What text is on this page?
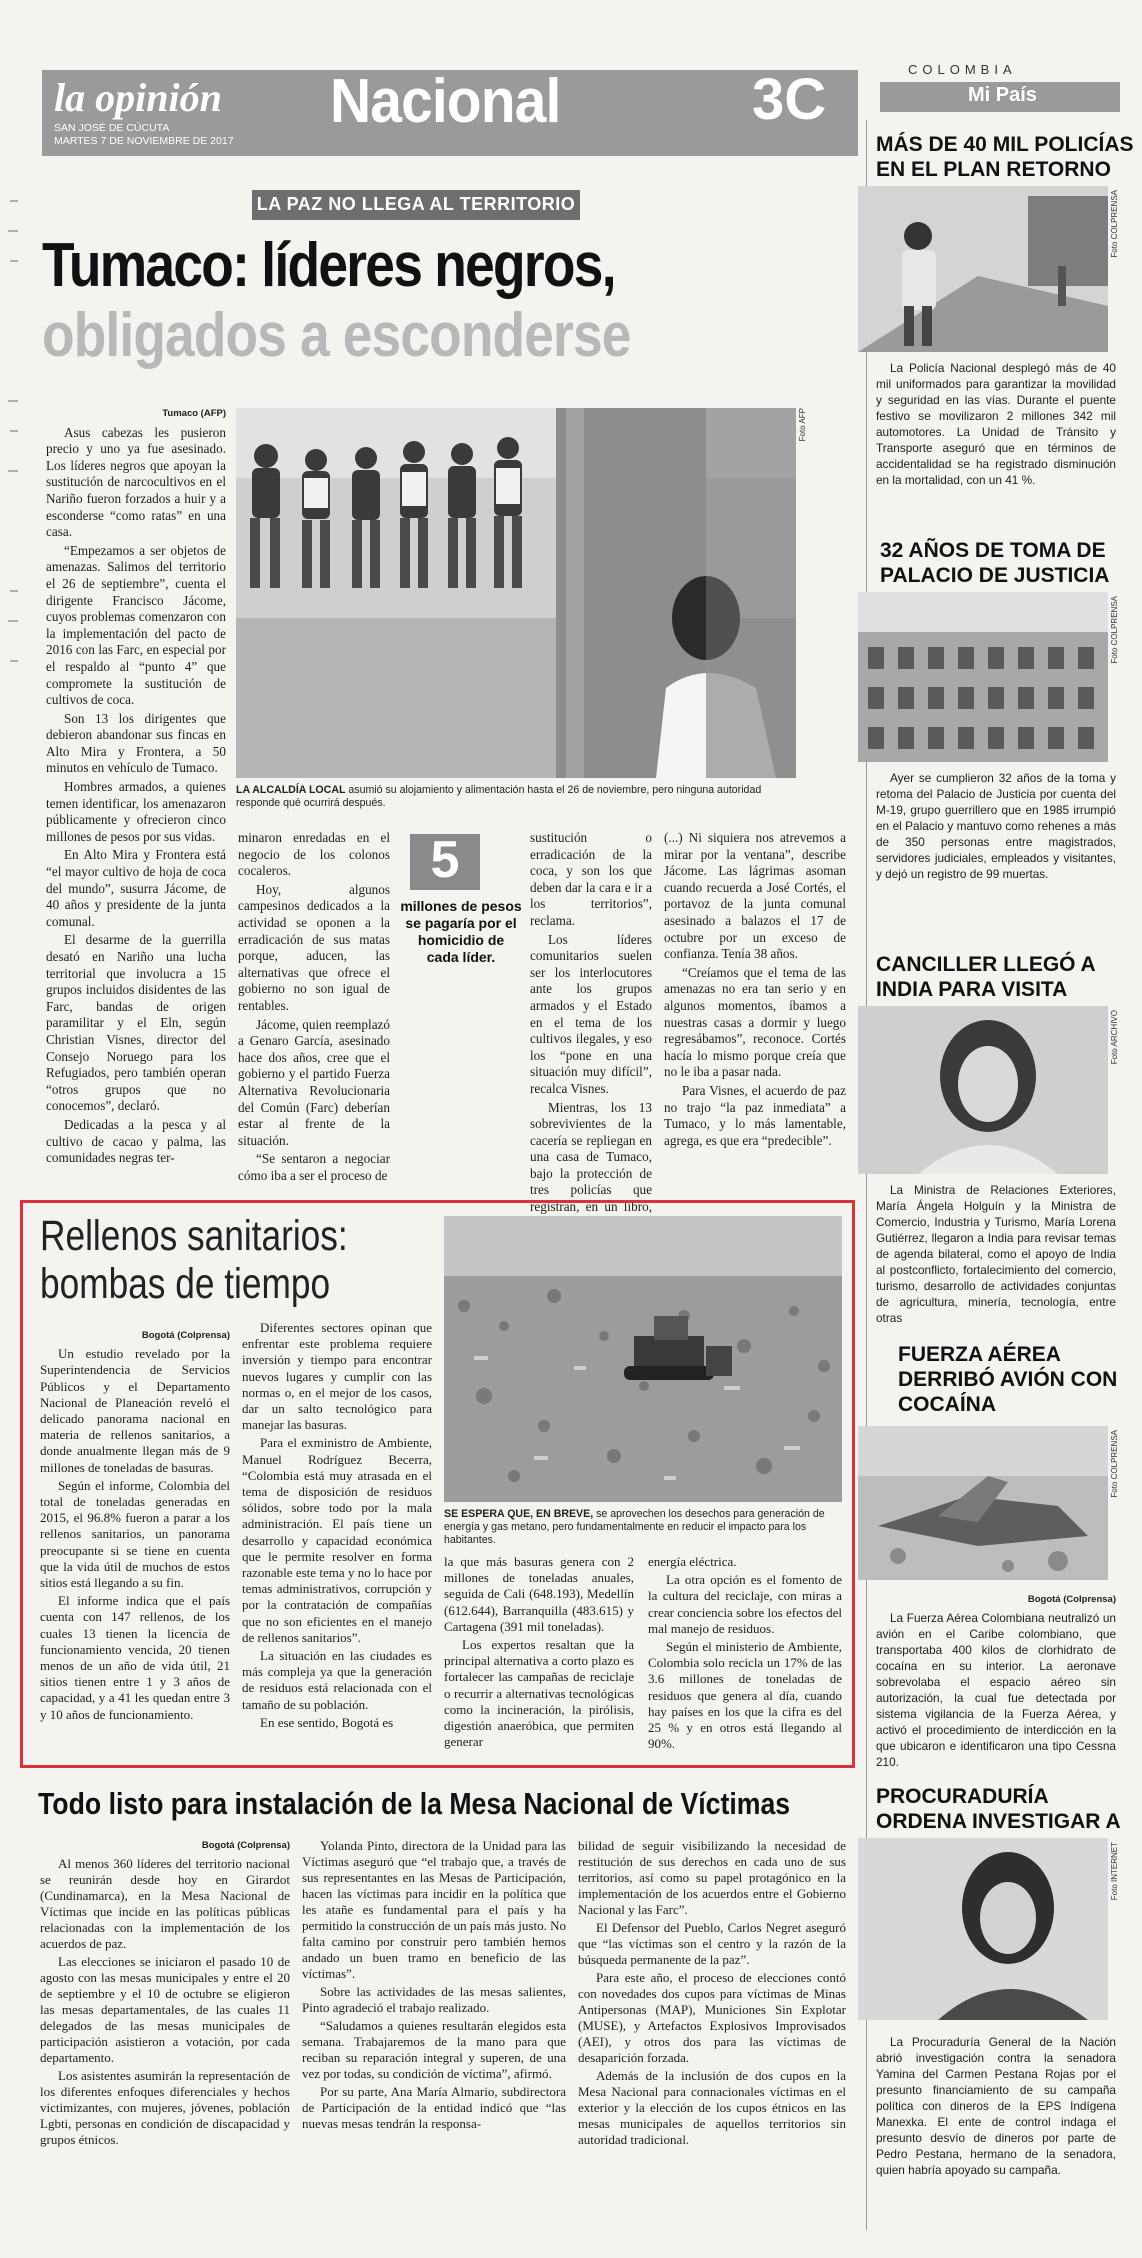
la opinión
SAN JOSÉ DE CÚCUTA
MARTES 7 DE NOVIEMBRE DE 2017
Nacional	3C	COLOMBIA
Mi País
LA PAZ NO LLEGA AL TERRITORIO
Tumaco: líderes negros,
obligados a esconderse
Tumaco (AFP)

Asus cabezas les pusieron precio y uno ya fue asesinado. Los líderes negros que apoyan la sustitución de narcocultivos en el Nariño fueron forzados a huir y a esconderse “como ratas” en una casa.

“Empezamos a ser objetos de amenazas. Salimos del territorio el 26 de septiembre”, cuenta el dirigente Francisco Jácome, cuyos problemas comenzaron con la implementación del pacto de 2016 con las Farc, en especial por el respaldo al “punto 4” que compromete la sustitución de cultivos de coca.

Son 13 los dirigentes que debieron abandonar sus fincas en Alto Mira y Frontera, a 50 minutos en vehículo de Tumaco.

Hombres armados, a quienes temen identificar, los amenazaron públicamente y ofrecieron cinco millones de pesos por sus vidas.

En Alto Mira y Frontera está “el mayor cultivo de hoja de coca del mundo”, susurra Jácome, de 40 años y presidente de la junta comunal.

El desarme de la guerrilla desató en Nariño una lucha territorial que involucra a 15 grupos incluidos disidentes de las Farc, bandas de origen paramilitar y el Eln, según Christian Visnes, director del Consejo Noruego para los Refugiados, pero también operan “otros grupos que no conocemos”, declaró.

Dedicadas a la pesca y al cultivo de cacao y palma, las comunidades negras ter-

Foto AFP
LA ALCALDÍA LOCAL asumió su alojamiento y alimentación hasta el 26 de noviembre, pero ninguna autoridad responde qué ocurrirá después.

minaron enredadas en el negocio de los colonos cocaleros.

Hoy, algunos campesinos dedicados a la actividad se oponen a la erradicación de sus matas porque, aducen, las alternativas que ofrece el gobierno no son igual de rentables.

Jácome, quien reemplazó a Genaro García, asesinado hace dos años, cree que el gobierno y el partido Fuerza Alternativa Revolucionaria del Común (Farc) deberían estar al frente de la situación.

“Se sentaron a negociar cómo iba a ser el proceso de

5
millones de pesos se pagaría por el homicidio de cada líder.

sustitución o erradicación de la coca, y son los que deben dar la cara e ir a los territorios”, reclama.

Los líderes comunitarios suelen ser los interlocutores ante los grupos armados y el Estado en el tema de los cultivos ilegales, y eso los “pone en una situación muy difícil”, recalca Visnes.

Mientras, los 13 sobrevivientes de la cacería se repliegan en una casa de Tumaco, bajo la protección de tres policías que registran, en un libro,

(...) Ni siquiera nos atrevemos a mirar por la ventana”, describe Jácome. Las lágrimas asoman cuando recuerda a José Cortés, el portavoz de la junta comunal asesinado a balazos el 17 de octubre por un exceso de confianza. Tenía 38 años.

“Creíamos que el tema de las amenazas no era tan serio y en algunos momentos, íbamos a nuestras casas a dormir y luego regresábamos”, reconoce. Cortés hacía lo mismo porque creía que no le iba a pasar nada.

Para Visnes, el acuerdo de paz no trajo “la paz inmediata” a Tumaco, y lo más lamentable, agrega, es que era “predecible”.

Rellenos sanitarios:
bombas de tiempo
SE ESPERA QUE, EN BREVE, se aprovechen los desechos para generación de energía y gas metano, pero fundamentalmente en reducir el impacto para los habitantes.
Bogotá (Colprensa)

Un estudio revelado por la Superintendencia de Servicios Públicos y el Departamento Nacional de Planeación reveló el delicado panorama nacional en materia de rellenos sanitarios, a donde anualmente llegan más de 9 millones de toneladas de basuras.

Según el informe, Colombia del total de toneladas generadas en 2015, el 96.8% fueron a parar a los rellenos sanitarios, un panorama preocupante si se tiene en cuenta que la vida útil de muchos de estos sitios está llegando a su fin.

El informe indica que el país cuenta con 147 rellenos, de los cuales 13 tienen la licencia de funcionamiento vencida, 20 tienen menos de un año de vida útil, 21 sitios tienen entre 1 y 3 años de capacidad, y a 41 les quedan entre 3 y 10 años de funcionamiento.

Diferentes sectores opinan que enfrentar este problema requiere inversión y tiempo para encontrar nuevos lugares y cumplir con las normas o, en el mejor de los casos, dar un salto tecnológico para manejar las basuras.

Para el exministro de Ambiente, Manuel Rodríguez Becerra, “Colombia está muy atrasada en el tema de disposición de residuos sólidos, sobre todo por la mala administración. El país tiene un desarrollo y capacidad económica que le permite resolver en forma razonable este tema y no lo hace por temas administrativos, corrupción y por la contratación de compañías que no son eficientes en el manejo de rellenos sanitarios”.

La situación en las ciudades es más compleja ya que la generación de residuos está relacionada con el tamaño de su población.

En ese sentido, Bogotá es

la que más basuras genera con 2 millones de toneladas anuales, seguida de Cali (648.193), Medellín (612.644), Barranquilla (483.615) y Cartagena (391 mil toneladas).

Los expertos resaltan que la principal alternativa a corto plazo es fortalecer las campañas de reciclaje o recurrir a alternativas tecnológicas como la incineración, la pirólisis, digestión anaeróbica, que permiten generar

energía eléctrica.

La otra opción es el fomento de la cultura del reciclaje, con miras a crear conciencia sobre los efectos del mal manejo de residuos.

Según el ministerio de Ambiente, Colombia solo recicla un 17% de las 3.6 millones de toneladas de residuos que genera al día, cuando hay países en los que la cifra es del 25 % y en otros está llegando al 90%.

Todo listo para instalación de la Mesa Nacional de Víctimas
Bogotá (Colprensa)

Al menos 360 líderes del territorio nacional se reunirán desde hoy en Girardot (Cundinamarca), en la Mesa Nacional de Víctimas que incide en las políticas públicas relacionadas con la implementación de los acuerdos de paz.

Las elecciones se iniciaron el pasado 10 de agosto con las mesas municipales y entre el 20 de septiembre y el 10 de octubre se eligieron las mesas departamentales, de las cuales 11 delegados de las mesas municipales de participación asistieron a votación, por cada departamento.

Los asistentes asumirán la representación de los diferentes enfoques diferenciales y hechos victimizantes, con mujeres, jóvenes, población Lgbti, personas en condición de discapacidad y grupos étnicos.

Yolanda Pinto, directora de la Unidad para las Víctimas aseguró que “el trabajo que, a través de sus representantes en las Mesas de Participación, hacen las víctimas para incidir en la política que les atañe es fundamental para el país y ha permitido la construcción de un país más justo. No falta camino por construir pero también hemos andado un buen tramo en beneficio de las víctimas”.

Sobre las actividades de las mesas salientes, Pinto agradeció el trabajo realizado.

“Saludamos a quienes resultarán elegidos esta semana. Trabajaremos de la mano para que reciban su reparación integral y superen, de una vez por todas, su condición de víctima”, afirmó.

Por su parte, Ana María Almario, subdirectora de Participación de la entidad indicó que “las nuevas mesas tendrán la responsa-

bilidad de seguir visibilizando la necesidad de restitución de sus derechos en cada uno de sus territorios, así como su papel protagónico en la implementación de los acuerdos entre el Gobierno Nacional y las Farc”.

El Defensor del Pueblo, Carlos Negret aseguró que “las víctimas son el centro y la razón de la búsqueda permanente de la paz”.

Para este año, el proceso de elecciones contó con novedades dos cupos para víctimas de Minas Antipersonas (MAP), Municiones Sin Explotar (MUSE), y Artefactos Explosivos Improvisados (AEI), y otros dos para las víctimas de desaparición forzada.

Además de la inclusión de dos cupos en la Mesa Nacional para connacionales víctimas en el exterior y la elección de los cupos étnicos en las mesas municipales de aquellos territorios sin autoridad tradicional.

MÁS DE 40 MIL POLICÍAS EN EL PLAN RETORNO
Foto COLPRENSA

La Policía Nacional desplegó más de 40 mil uniformados para garantizar la movilidad y seguridad en las vías. Durante el puente festivo se movilizaron 2 millones 342 mil automotores. La Unidad de Tránsito y Transporte aseguró que en términos de accidentalidad se ha registrado disminución en la mortalidad, con un 41 %.

32 AÑOS DE TOMA DE PALACIO DE JUSTICIA
Foto COLPRENSA

Ayer se cumplieron 32 años de la toma y retoma del Palacio de Justicia por cuenta del M-19, grupo guerrillero que en 1985 irrumpió en el Palacio y mantuvo como rehenes a más de 350 personas entre magistrados, servidores judiciales, empleados y visitantes, y dejó un registro de 99 muertas.

CANCILLER LLEGÓ A INDIA PARA VISITA
Foto ARCHIVO

La Ministra de Relaciones Exteriores, María Ángela Holguín y la Ministra de Comercio, Industria y Turismo, María Lorena Gutiérrez, llegaron a India para revisar temas de agenda bilateral, como el apoyo de India al postconflicto, fortalecimiento del comercio, turismo, desarrollo de actividades conjuntas de agricultura, minería, tecnología, entre otras

FUERZA AÉREA DERRIBÓ AVIÓN CON COCAÍNA
Foto COLPRENSA
Bogotá (Colprensa)

La Fuerza Aérea Colombiana neutralizó un avión en el Caribe colombiano, que transportaba 400 kilos de clorhidrato de cocaína en su interior. La aeronave sobrevolaba el espacio aéreo sin autorización, la cual fue detectada por sistema vigilancia de la Fuerza Aérea, y activó el procedimiento de interdicción en la que ubicaron e identificaron una tipo Cessna 210.

PROCURADURÍA ORDENA INVESTIGAR A
Foto INTERNET

La Procuraduría General de la Nación abrió investigación contra la senadora Yamina del Carmen Pestana Rojas por el presunto financiamiento de su campaña política con dineros de la EPS Indígena Manexka. El ente de control indaga el presunto desvío de dineros por parte de Pedro Pestana, hermano de la senadora, quien habría apoyado su campaña.
